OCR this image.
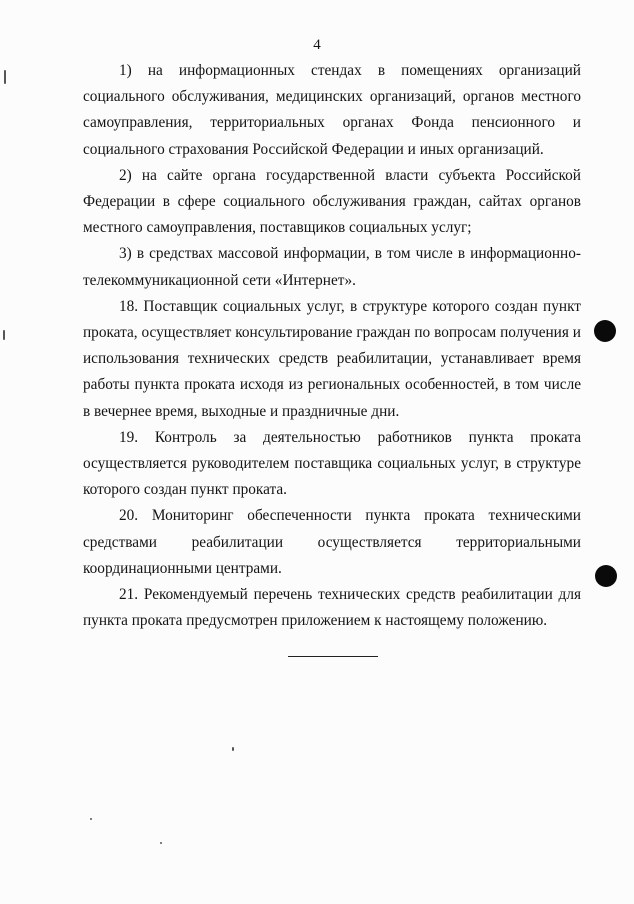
4

1) на информационных стендах в помещениях организаций социального обслуживания, медицинских организаций, органов местного самоуправления, территориальных органах Фонда пенсионного и социального страхования Российской Федерации и иных организаций.

2) на сайте органа государственной власти субъекта Российской Федерации в сфере социального обслуживания граждан, сайтах органов местного самоуправления, поставщиков социальных услуг;

3) в средствах массовой информации, в том числе в информационно-телекоммуникационной сети «Интернет».

18. Поставщик социальных услуг, в структуре которого создан пункт проката, осуществляет консультирование граждан по вопросам получения и использования технических средств реабилитации, устанавливает время работы пункта проката исходя из региональных особенностей, в том числе в вечернее время, выходные и праздничные дни.

19. Контроль за деятельностью работников пункта проката осуществляется руководителем поставщика социальных услуг, в структуре которого создан пункт проката.

20. Мониторинг обеспеченности пункта проката техническими средствами реабилитации осуществляется территориальными координационными центрами.

21. Рекомендуемый перечень технических средств реабилитации для пункта проката предусмотрен приложением к настоящему положению.
